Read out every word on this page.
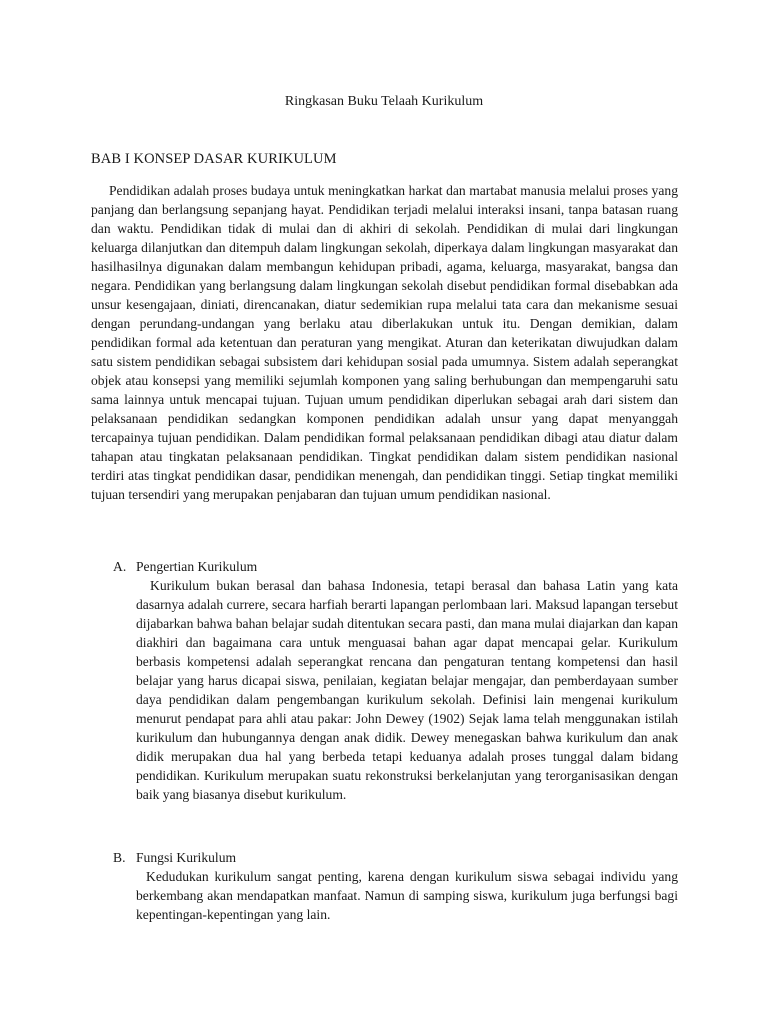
Ringkasan Buku Telaah Kurikulum
BAB I KONSEP DASAR KURIKULUM

Pendidikan adalah proses budaya untuk meningkatkan harkat dan martabat manusia melalui proses yang panjang dan berlangsung sepanjang hayat. Pendidikan terjadi melalui interaksi insani, tanpa batasan ruang dan waktu. Pendidikan tidak di mulai dan di akhiri di sekolah. Pendidikan di mulai dari lingkungan keluarga dilanjutkan dan ditempuh dalam lingkungan sekolah, diperkaya dalam lingkungan masyarakat dan hasilhasilnya digunakan dalam membangun kehidupan pribadi, agama, keluarga, masyarakat, bangsa dan negara. Pendidikan yang berlangsung dalam lingkungan sekolah disebut pendidikan formal disebabkan ada unsur kesengajaan, diniati, direncanakan, diatur sedemikian rupa melalui tata cara dan mekanisme sesuai dengan perundang-undangan yang berlaku atau diberlakukan untuk itu. Dengan demikian, dalam pendidikan formal ada ketentuan dan peraturan yang mengikat. Aturan dan keterikatan diwujudkan dalam satu sistem pendidikan sebagai subsistem dari kehidupan sosial pada umumnya. Sistem adalah seperangkat objek atau konsepsi yang memiliki sejumlah komponen yang saling berhubungan dan mempengaruhi satu sama lainnya untuk mencapai tujuan. Tujuan umum pendidikan diperlukan sebagai arah dari sistem dan pelaksanaan pendidikan sedangkan komponen pendidikan adalah unsur yang dapat menyanggah tercapainya tujuan pendidikan. Dalam pendidikan formal pelaksanaan pendidikan dibagi atau diatur dalam tahapan atau tingkatan pelaksanaan pendidikan. Tingkat pendidikan dalam sistem pendidikan nasional terdiri atas tingkat pendidikan dasar, pendidikan menengah, dan pendidikan tinggi. Setiap tingkat memiliki tujuan tersendiri yang merupakan penjabaran dan tujuan umum pendidikan nasional.

A. Pengertian Kurikulum

Kurikulum bukan berasal dan bahasa Indonesia, tetapi berasal dan bahasa Latin yang kata dasarnya adalah currere, secara harfiah berarti lapangan perlombaan lari. Maksud lapangan tersebut dijabarkan bahwa bahan belajar sudah ditentukan secara pasti, dan mana mulai diajarkan dan kapan diakhiri dan bagaimana cara untuk menguasai bahan agar dapat mencapai gelar. Kurikulum berbasis kompetensi adalah seperangkat rencana dan pengaturan tentang kompetensi dan hasil belajar yang harus dicapai siswa, penilaian, kegiatan belajar mengajar, dan pemberdayaan sumber daya pendidikan dalam pengembangan kurikulum sekolah. Definisi lain mengenai kurikulum menurut pendapat para ahli atau pakar: John Dewey (1902) Sejak lama telah menggunakan istilah kurikulum dan hubungannya dengan anak didik. Dewey menegaskan bahwa kurikulum dan anak didik merupakan dua hal yang berbeda tetapi keduanya adalah proses tunggal dalam bidang pendidikan. Kurikulum merupakan suatu rekonstruksi berkelanjutan yang terorganisasikan dengan baik yang biasanya disebut kurikulum.

B. Fungsi Kurikulum

Kedudukan kurikulum sangat penting, karena dengan kurikulum siswa sebagai individu yang berkembang akan mendapatkan manfaat. Namun di samping siswa, kurikulum juga berfungsi bagi kepentingan-kepentingan yang lain.
